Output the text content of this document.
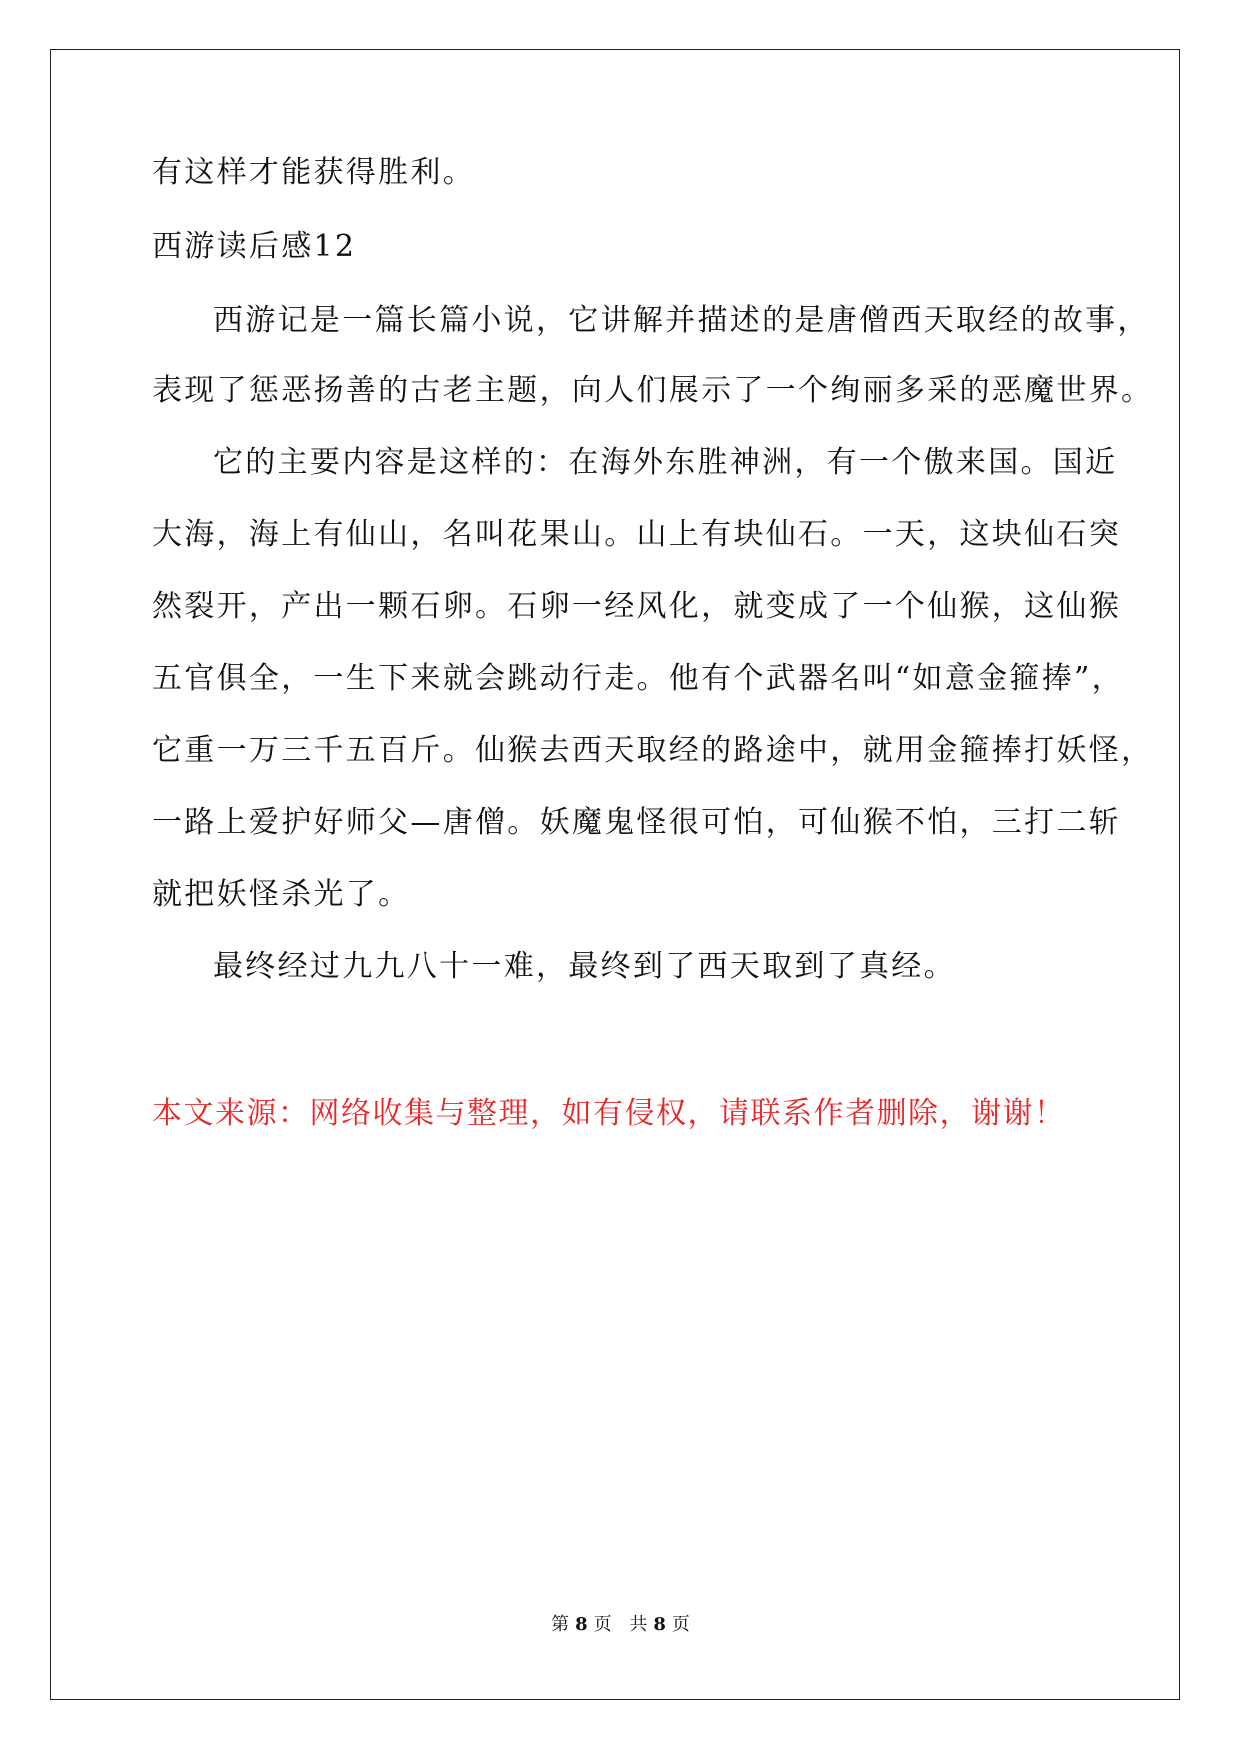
有这样才能获得胜利。
西游读后感12
西游记是一篇长篇小说，它讲解并描述的是唐僧西天取经的故事，
表现了惩恶扬善的古老主题，向人们展示了一个绚丽多采的恶魔世界。
它的主要内容是这样的：在海外东胜神洲，有一个傲来国。国近
大海，海上有仙山，名叫花果山。山上有块仙石。一天，这块仙石突
然裂开，产出一颗石卵。石卵一经风化，就变成了一个仙猴，这仙猴
五官俱全，一生下来就会跳动行走。他有个武器名叫“如意金箍捧”，
它重一万三千五百斤。仙猴去西天取经的路途中，就用金箍捧打妖怪，
一路上爱护好师父—唐僧。妖魔鬼怪很可怕，可仙猴不怕，三打二斩
就把妖怪杀光了。
最终经过九九八十一难，最终到了西天取到了真经。
本文来源：网络收集与整理，如有侵权，请联系作者删除，谢谢！
第 8 页 共 8 页
